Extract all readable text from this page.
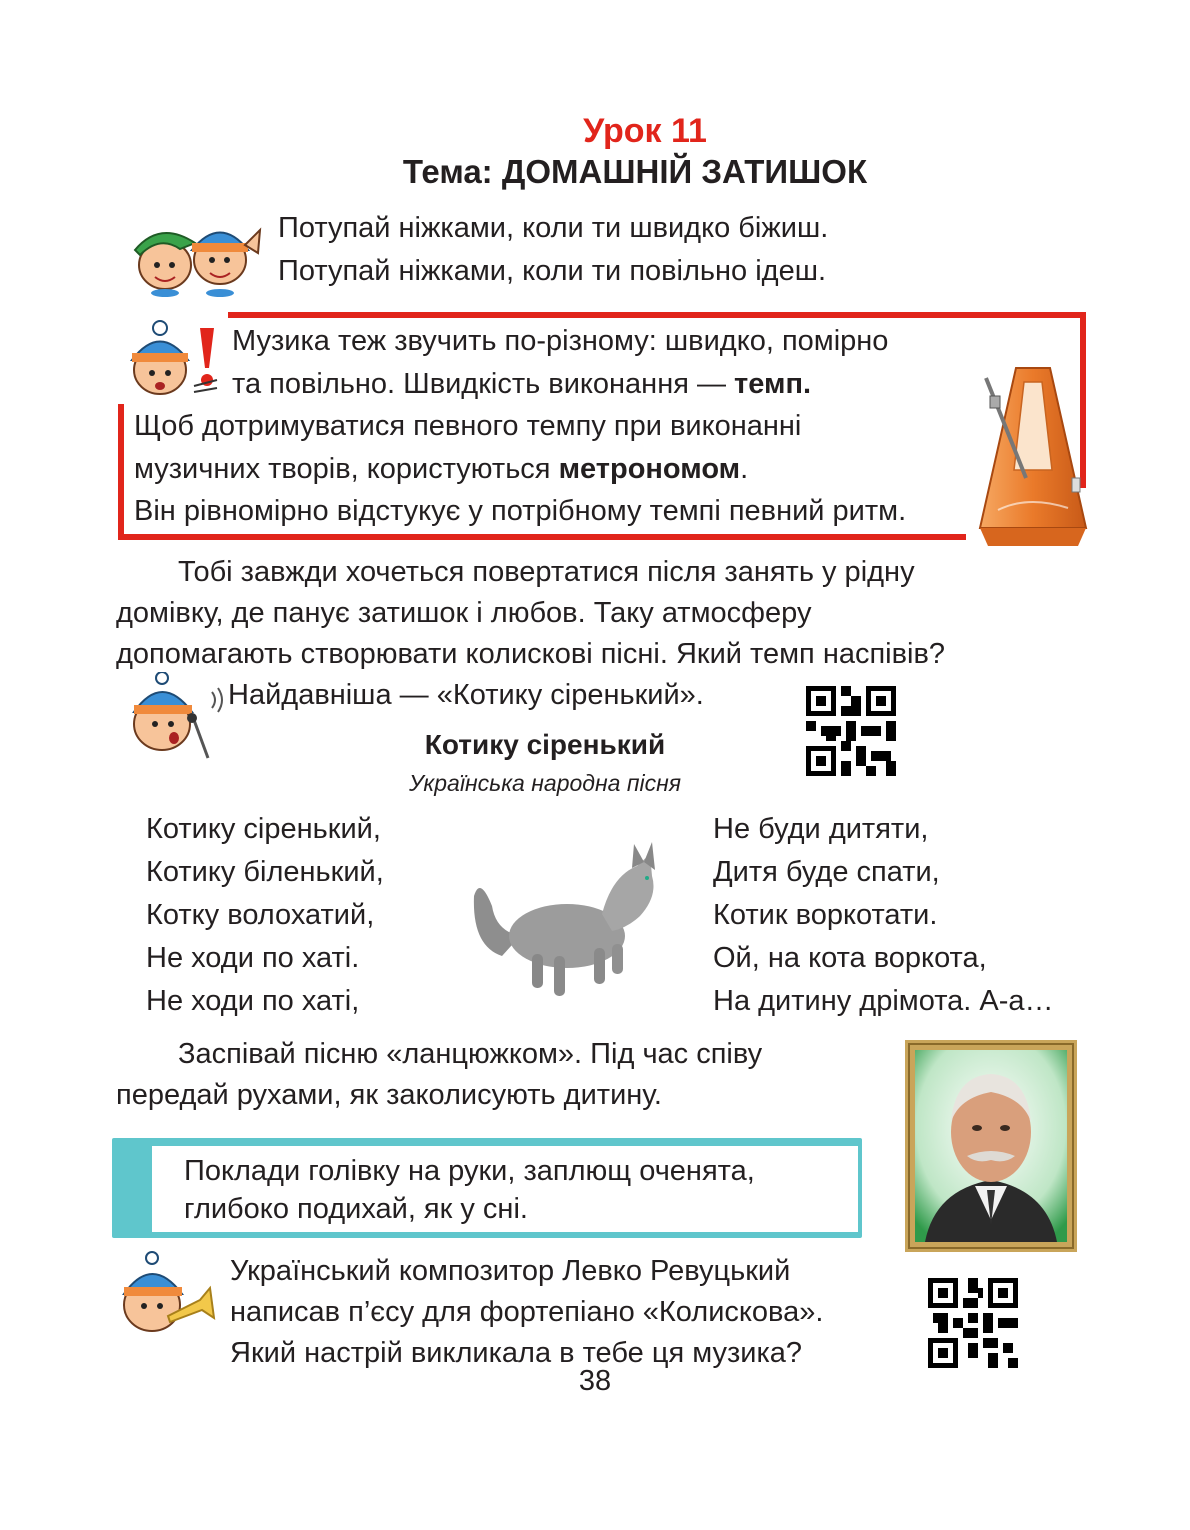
Урок 11
Тема: ДОМАШНІЙ ЗАТИШОК
Потупай ніжками, коли ти швидко біжиш.
Потупай ніжками, коли ти повільно ідеш.
Музика теж звучить по-різному: швидко, помірно
та повільно. Швидкість виконання — темп.
Щоб дотримуватися певного темпу при виконанні
музичних творів, користуються метрономом.
Він рівномірно відстукує у потрібному темпі певний ритм.
Тобі завжди хочеться повертатися після занять у рідну
домівку, де панує затишок і любов. Таку атмосферу
допомагають створювати колискові пісні. Який темп наспівів?
Найдавніша — «Котику сіренький».
Котику сіренький
Українська народна пісня
Котику сіренький,
Котику біленький,
Котку волохатий,
Не ходи по хаті.
Не ходи по хаті,
Не буди дитяти,
Дитя буде спати,
Котик воркотати.
Ой, на кота воркота,
На дитину дрімота. А-а…
Заспівай пісню «ланцюжком». Під час співу
передай рухами, як заколисують дитину.
Поклади голівку на руки, заплющ оченята,
глибоко подихай, як у сні.
Український композитор Левко Ревуцький
написав п’єсу для фортепіано «Колискова».
Який настрій викликала в тебе ця музика?
38
